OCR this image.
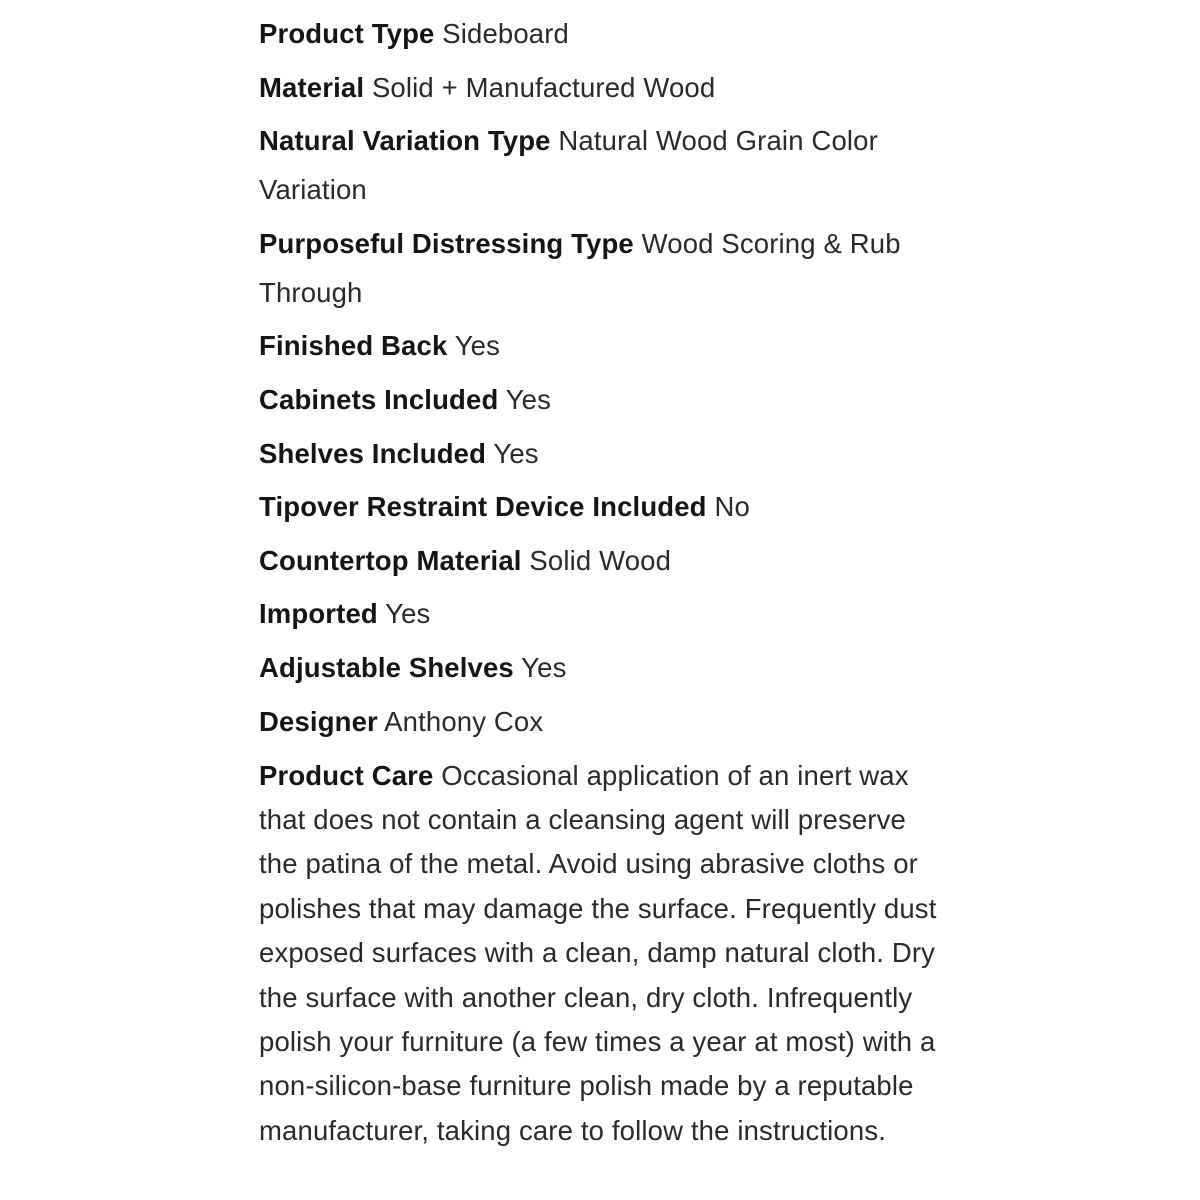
Product Type Sideboard
Material Solid + Manufactured Wood
Natural Variation Type Natural Wood Grain Color Variation
Purposeful Distressing Type Wood Scoring & Rub Through
Finished Back Yes
Cabinets Included Yes
Shelves Included Yes
Tipover Restraint Device Included No
Countertop Material Solid Wood
Imported Yes
Adjustable Shelves Yes
Designer Anthony Cox
Product Care Occasional application of an inert wax that does not contain a cleansing agent will preserve the patina of the metal. Avoid using abrasive cloths or polishes that may damage the surface. Frequently dust exposed surfaces with a clean, damp natural cloth. Dry the surface with another clean, dry cloth. Infrequently polish your furniture (a few times a year at most) with a non-silicon-base furniture polish made by a reputable manufacturer, taking care to follow the instructions.
